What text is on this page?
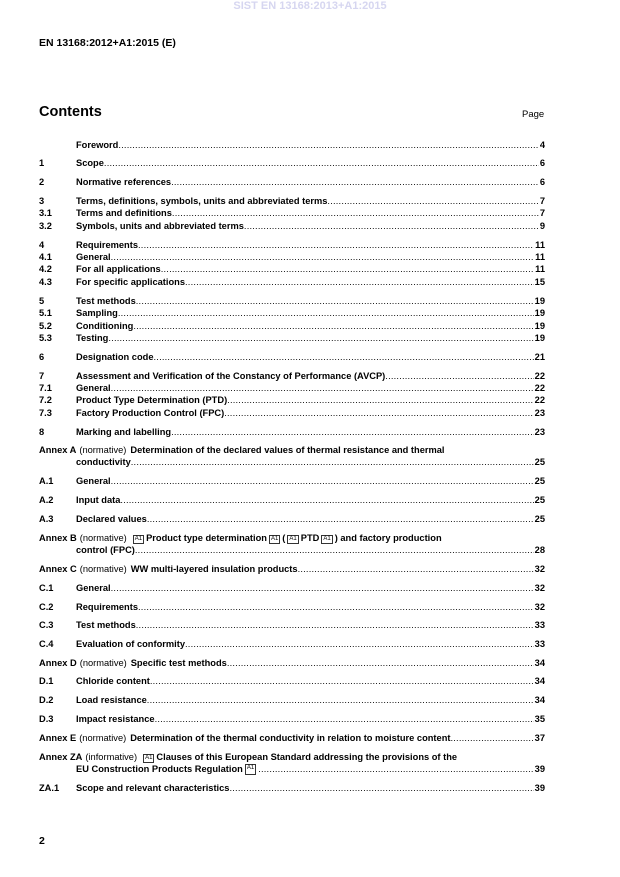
SIST EN 13168:2013+A1:2015
EN 13168:2012+A1:2015 (E)
Contents	Page
Foreword .....	4
1	Scope .....	6
2	Normative references .....	6
3	Terms, definitions, symbols, units and abbreviated terms .....	7
3.1	Terms and definitions .....	7
3.2	Symbols, units and abbreviated terms .....	9
4	Requirements .....	11
4.1	General .....	11
4.2	For all applications .....	11
4.3	For specific applications .....	15
5	Test methods .....	19
5.1	Sampling .....	19
5.2	Conditioning .....	19
5.3	Testing .....	19
6	Designation code .....	21
7	Assessment and Verification of the Constancy of Performance (AVCP) .....	22
7.1	General .....	22
7.2	Product Type Determination (PTD) .....	22
7.3	Factory Production Control (FPC) .....	23
8	Marking and labelling .....	23
Annex A (normative) Determination of the declared values of thermal resistance and thermal
conductivity .....	25
A.1	General .....	25
A.2	Input data .....	25
A.3	Declared values .....	25
Annex B (normative) A1 Product type determination A1 ( A1 PTD A1 ) and factory production
control (FPC) .....	28
Annex C (normative) WW multi-layered insulation products .....	32
C.1	General .....	32
C.2	Requirements .....	32
C.3	Test methods .....	33
C.4	Evaluation of conformity .....	33
Annex D (normative) Specific test methods .....	34
D.1	Chloride content .....	34
D.2	Load resistance .....	34
D.3	Impact resistance .....	35
Annex E (normative) Determination of the thermal conductivity in relation to moisture content .....	37
Annex ZA (informative) A1 Clauses of this European Standard addressing the provisions of the
EU Construction Products Regulation A1 .....	39
ZA.1	Scope and relevant characteristics .....	39
2
